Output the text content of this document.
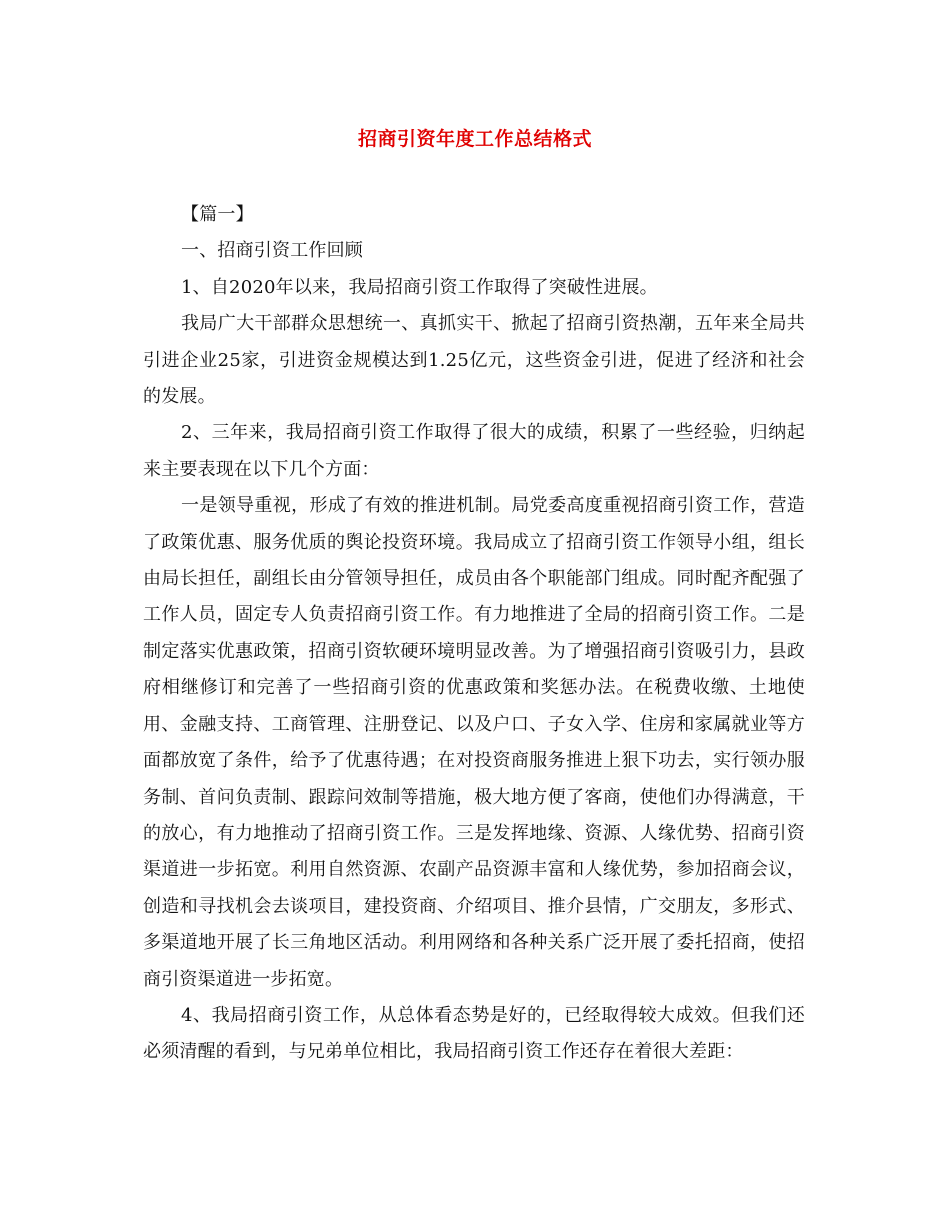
招商引资年度工作总结格式

【篇一】

一、招商引资工作回顾

1、自2020年以来，我局招商引资工作取得了突破性进展。

我局广大干部群众思想统一、真抓实干、掀起了招商引资热潮，五年来全局共引进企业25家，引进资金规模达到1.25亿元，这些资金引进，促进了经济和社会的发展。

2、三年来，我局招商引资工作取得了很大的成绩，积累了一些经验，归纳起来主要表现在以下几个方面：

一是领导重视，形成了有效的推进机制。局党委高度重视招商引资工作，营造了政策优惠、服务优质的舆论投资环境。我局成立了招商引资工作领导小组，组长由局长担任，副组长由分管领导担任，成员由各个职能部门组成。同时配齐配强了工作人员，固定专人负责招商引资工作。有力地推进了全局的招商引资工作。二是制定落实优惠政策，招商引资软硬环境明显改善。为了增强招商引资吸引力，县政府相继修订和完善了一些招商引资的优惠政策和奖惩办法。在税费收缴、土地使用、金融支持、工商管理、注册登记、以及户口、子女入学、住房和家属就业等方面都放宽了条件，给予了优惠待遇；在对投资商服务推进上狠下功去，实行领办服务制、首问负责制、跟踪问效制等措施，极大地方便了客商，使他们办得满意，干的放心，有力地推动了招商引资工作。三是发挥地缘、资源、人缘优势、招商引资渠道进一步拓宽。利用自然资源、农副产品资源丰富和人缘优势，参加招商会议，创造和寻找机会去谈项目，建投资商、介绍项目、推介县情，广交朋友，多形式、多渠道地开展了长三角地区活动。利用网络和各种关系广泛开展了委托招商，使招商引资渠道进一步拓宽。

4、我局招商引资工作，从总体看态势是好的，已经取得较大成效。但我们还必须清醒的看到，与兄弟单位相比，我局招商引资工作还存在着很大差距：
